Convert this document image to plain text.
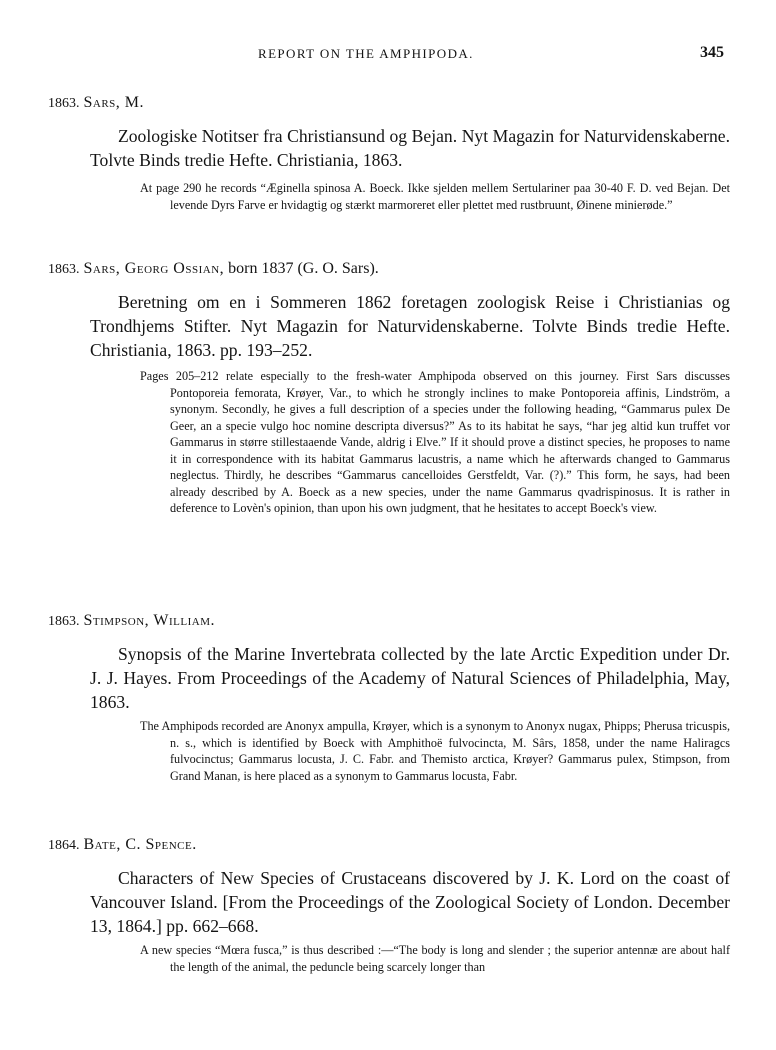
REPORT ON THE AMPHIPODA.	345
1863. Sars, M.
Zoologiske Notitser fra Christiansund og Bejan. Nyt Magazin for Naturvidenskaberne. Tolvte Binds tredie Hefte. Christiania, 1863.

At page 290 he records “Æginella spinosa A. Boeck. Ikke sjelden mellem Sertulariner paa 30-40 F. D. ved Bejan. Det levende Dyrs Farve er hvidagtig og stærkt marmoreret eller plettet med rustbruunt, Øinene minierøde.”

1863. Sars, Georg Ossian, born 1837 (G. O. Sars).
Beretning om en i Sommeren 1862 foretagen zoologisk Reise i Christianias og Trondhjems Stifter. Nyt Magazin for Naturvidenskaberne. Tolvte Binds tredie Hefte. Christiania, 1863. pp. 193–252.

Pages 205–212 relate especially to the fresh-water Amphipoda observed on this journey. First Sars discusses Pontoporeia femorata, Krøyer, Var., to which he strongly inclines to make Pontoporeia affinis, Lindström, a synonym. Secondly, he gives a full description of a species under the following heading, “Gammarus pulex De Geer, an a specie vulgo hoc nomine descripta diversus?” As to its habitat he says, “har jeg altid kun truffet vor Gammarus in større stillestaaende Vande, aldrig i Elve.” If it should prove a distinct species, he proposes to name it in correspondence with its habitat Gammarus lacustris, a name which he afterwards changed to Gammarus neglectus. Thirdly, he describes “Gammarus cancelloides Gerstfeldt, Var. (?).” This form, he says, had been already described by A. Boeck as a new species, under the name Gammarus qvadrispinosus. It is rather in deference to Lovèn's opinion, than upon his own judgment, that he hesitates to accept Boeck's view.

1863. Stimpson, William.
Synopsis of the Marine Invertebrata collected by the late Arctic Expedition under Dr. J. J. Hayes. From Proceedings of the Academy of Natural Sciences of Philadelphia, May, 1863.

The Amphipods recorded are Anonyx ampulla, Krøyer, which is a synonym to Anonyx nugax, Phipps; Pherusa tricuspis, n. s., which is identified by Boeck with Amphithoë fulvocincta, M. Sârs, 1858, under the name Haliragcs fulvocinctus; Gammarus locusta, J. C. Fabr. and Themisto arctica, Krøyer? Gammarus pulex, Stimpson, from Grand Manan, is here placed as a synonym to Gammarus locusta, Fabr.

1864. Bate, C. Spence.
Characters of New Species of Crustaceans discovered by J. K. Lord on the coast of Vancouver Island. [From the Proceedings of the Zoological Society of London. December 13, 1864.] pp. 662–668.

A new species “Mœra fusca,” is thus described :—“The body is long and slender ; the superior antennæ are about half the length of the animal, the peduncle being scarcely longer than
